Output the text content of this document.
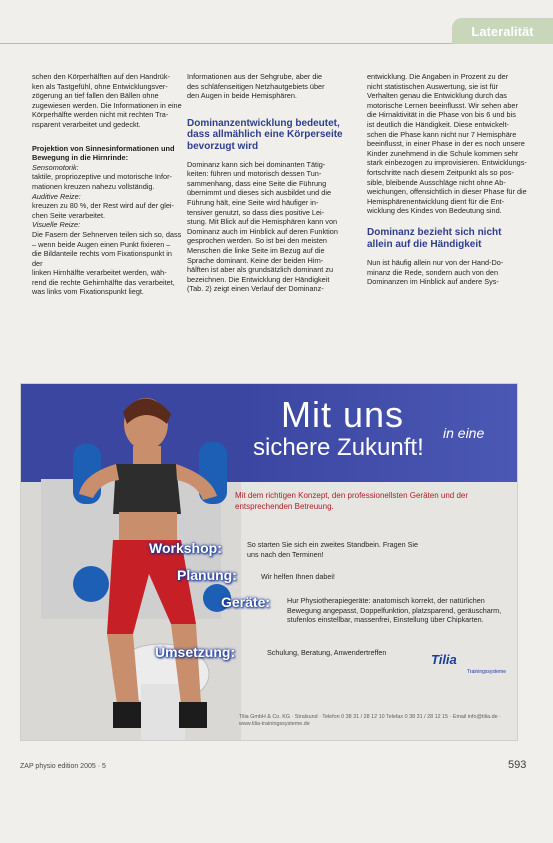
Lateralität

schen den Körperhälften auf den Handrük-

ken als Tastgefühl, ohne Entwicklungsver-

zögerung an tief fallen den Bällen ohne

zugewiesen werden. Die Informationen in eine

Körperhälfte werden nicht mit rechten Tra-

nsparent verarbeitet und gedeckt.

Projektion von Sinnesinformationen und Bewegung in die Hirnrinde:

Sensomotorik:

taktile, propriozeptive und motorische Infor-

mationen kreuzen nahezu vollständig.

Auditive Reize:

kreuzen zu 80 %, der Rest wird auf der glei-

chen Seite verarbeitet.

Visuelle Reize:

Die Fasern der Sehnerven teilen sich so, dass

– wenn beide Augen einen Punkt fixieren –

die Bildanteile rechts vom Fixationspunkt in der

linken Hirnhälfte verarbeitet werden, wäh-

rend die rechte Gehirnhälfte das verarbeitet,

was links vom Fixationspunkt liegt.

Informationen aus der Sehgrube, aber die

des schläfenseitigen Netzhautgebiets über

den Augen in beide Hemisphären.

Dominanzentwicklung bedeutet, dass allmählich eine Körperseite bevorzugt wird

Dominanz kann sich bei dominanten Tätig-

keiten: führen und motorisch dessen Tun-

sammenhang, dass eine Seite die Führung

übernimmt und dieses sich ausbildet und die

Führung hält, eine Seite wird häufiger in-

tensiver genutzt, so dass dies positive Lei-

stung. Mit Blick auf die Hemisphären kann von

Dominanz auch im Hinblick auf deren Funktion

gesprochen werden. So ist bei den meisten

Menschen die linke Seite im Bezug auf die

Sprache dominant. Keine der beiden Hirn-

hälften ist aber als grundsätzlich dominant zu

bezeichnen. Die Entwicklung der Händigkeit

(Tab. 2) zeigt einen Verlauf der Dominanz-

entwicklung. Die Angaben in Prozent zu der

nicht statistischen Auswertung, sie ist für

Verhalten genau die Entwicklung durch das

motorische Lernen beeinflusst. Wir sehen aber

die Hirnaktivität in die Phase von bis 6 und bis

ist deutlich die Händigkeit. Diese entwickelt-

schen die Phase kann nicht nur 7 Hemisphäre

beeinflusst, in einer Phase in der es noch unsere

Kinder zunehmend in die Schule kommen sehr

stark einbezogen zu improvisieren. Entwicklungs-

fortschritte nach diesem Zeitpunkt als so pos-

sible, bleibende Ausschläge nicht ohne Ab-

weichungen, offensichtlich in dieser Phase für die

Hemisphärenentwicklung dient für die Ent-

wicklung des Kindes von Bedeutung sind.

Dominanz bezieht sich nicht allein auf die Händigkeit

Nun ist häufig allein nur von der Hand-Do-

minanz die Rede, sondern auch von den

Dominanzen im Hinblick auf andere Sys-

Mit uns	in eine
sichere Zukunft!
Mit dem richtigen Konzept, den professionellsten Geräten und der entsprechenden Betreuung.
Workshop:	So starten Sie sich ein zweites Standbein. Fragen Sie uns nach den Terminen!
Planung:	Wir helfen Ihnen dabei!
Geräte: Hur Physiotherapiegeräte: anatomisch korrekt, der natürlichen Bewegung angepasst, Doppelfunktion, platzsparend, geräuscharm, stufenlos einstellbar, massenfrei, Einstellung über Chipkarten.
Umsetzung:	Schulung, Beratung, Anwendertreffen	Tilia
Trainingssysteme
Tilia GmbH & Co. KG · Stralsund · Telefon 0 38 31 / 28 12 10 Telefax 0 38 31 / 28 12 15 · Email info@tilia.de · www.tilia-trainingssysteme.de
ZAP physio edition 2005 · 5	593
